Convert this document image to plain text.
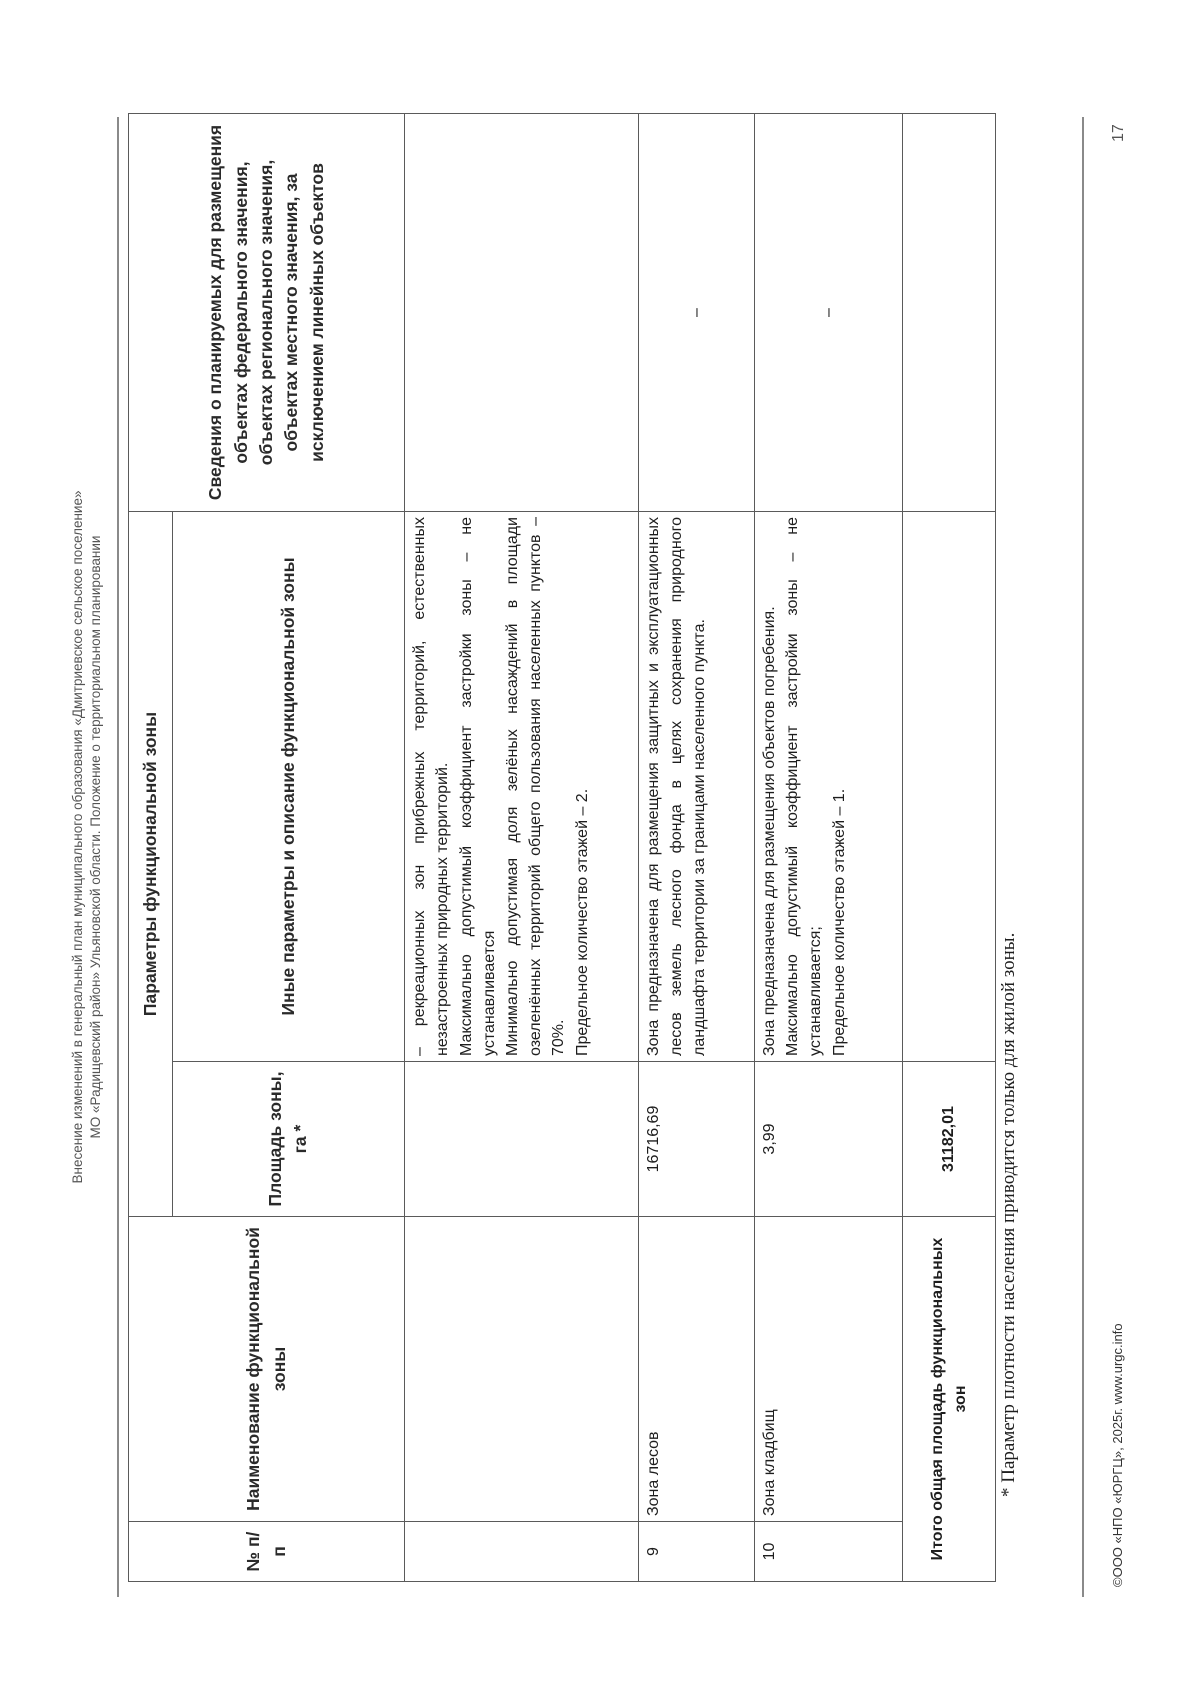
Внесение изменений в генеральный план муниципального образования «Дмитриевское сельское поселение» МО «Радищевский район» Ульяновской области. Положение о территориальном планировании
№ п/п	Наименование функциональной зоны	Параметры функциональной зоны		Сведения о планируемых для размещения объектах федерального значения, объектах регионального значения, объектах местного значения, за исключением линейных объектов
		Площадь зоны, га *	Иные параметры и описание функциональной зоны	
			– рекреационных зон прибрежных территорий, естественных незастроенных природных территорий.
Максимально допустимый коэффициент застройки зоны – не устанавливается
Минимально допустимая доля зелёных насаждений в площади озеленённых территорий общего пользования населенных пунктов – 70%.
Предельное количество этажей – 2.	
9	Зона лесов	16716,69	Зона предназначена для размещения защитных и эксплуатационных лесов земель лесного фонда в целях сохранения природного ландшафта территории за границами населенного пункта.	–
10	Зона кладбищ	3,99	Зона предназначена для размещения объектов погребения.
Максимально допустимый коэффициент застройки зоны – не устанавливается;
Предельное количество этажей – 1.	–
Итого общая площадь функциональных зон		31182,01		* Параметр плотности населения приводится только для жилой зоны.	©ООО «НПО «ЮРГЦ», 2025г. www.urgc.info
17
